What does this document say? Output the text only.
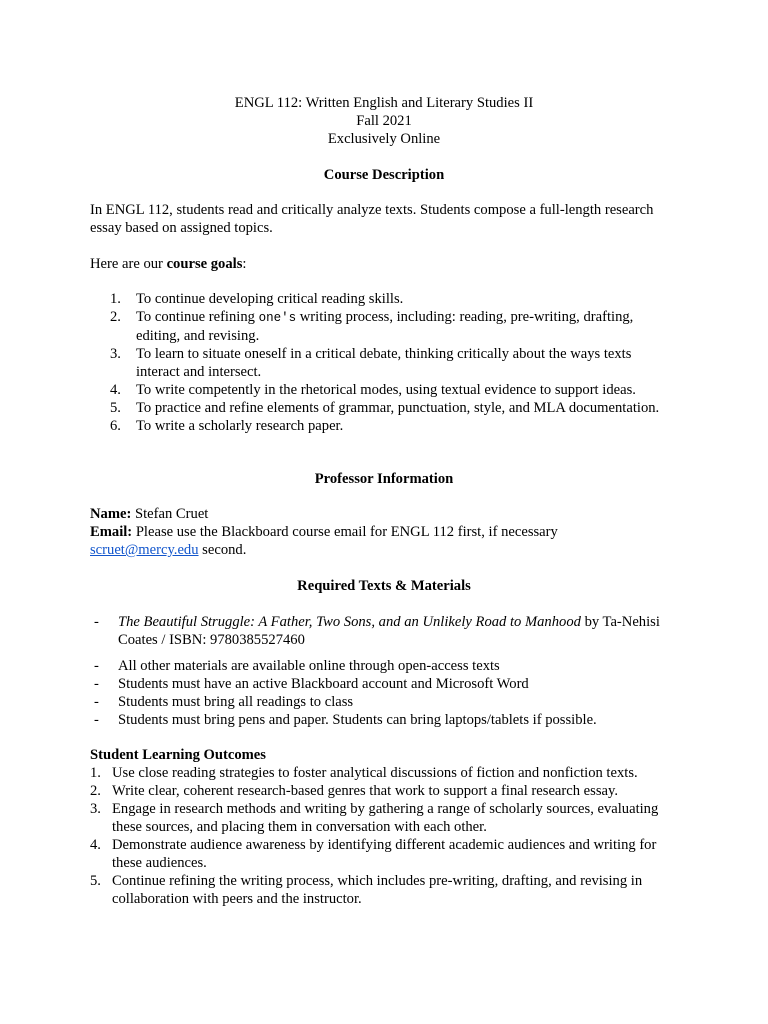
ENGL 112: Written English and Literary Studies II

Fall 2021

Exclusively Online

Course Description

In ENGL 112, students read and critically analyze texts. Students compose a full-length research essay based on assigned topics.

Here are our course goals:

1. To continue developing critical reading skills.
2. To continue refining one's writing process, including: reading, pre-writing, drafting, editing, and revising.
3. To learn to situate oneself in a critical debate, thinking critically about the ways texts interact and intersect.
4. To write competently in the rhetorical modes, using textual evidence to support ideas.
5. To practice and refine elements of grammar, punctuation, style, and MLA documentation.
6. To write a scholarly research paper.

Professor Information

Name: Stefan Cruet

Email: Please use the Blackboard course email for ENGL 112 first, if necessary

scruet@mercy.edu second.

Required Texts & Materials

- The Beautiful Struggle: A Father, Two Sons, and an Unlikely Road to Manhood by Ta-Nehisi Coates / ISBN: 9780385527460
- All other materials are available online through open-access texts
- Students must have an active Blackboard account and Microsoft Word
- Students must bring all readings to class
- Students must bring pens and paper. Students can bring laptops/tablets if possible.

Student Learning Outcomes

1. Use close reading strategies to foster analytical discussions of fiction and nonfiction texts.
2. Write clear, coherent research-based genres that work to support a final research essay.
3. Engage in research methods and writing by gathering a range of scholarly sources, evaluating these sources, and placing them in conversation with each other.
4. Demonstrate audience awareness by identifying different academic audiences and writing for these audiences.
5. Continue refining the writing process, which includes pre-writing, drafting, and revising in collaboration with peers and the instructor.
